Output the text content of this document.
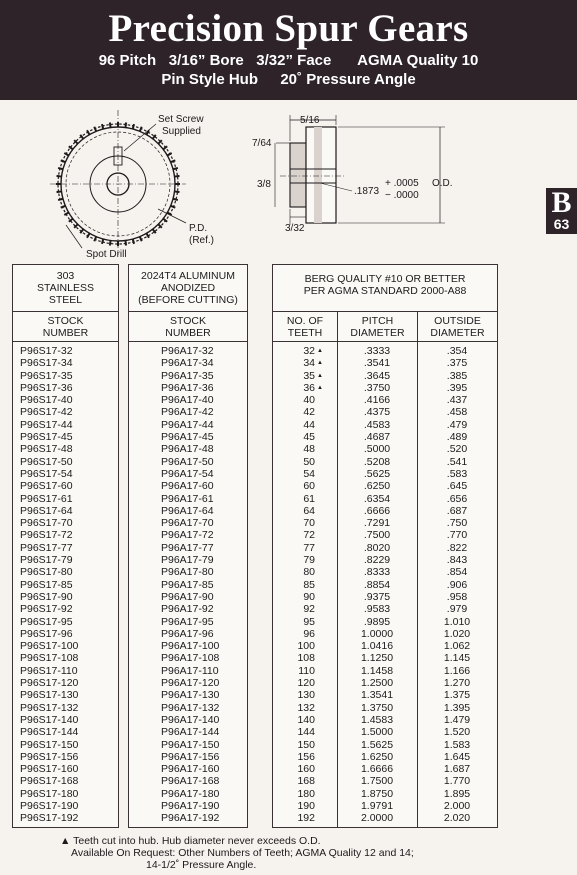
Precision Spur Gears
96 Pitch 3/16” Bore 3/32” Face AGMA Quality 10
Pin Style Hub 20˚ Pressure Angle
B
63
Set Screw
Supplied
P.D.
(Ref.)
Spot Drill
5/16
7/64
3/8
3/32
.1873
+ .0005
− .0000
O.D.
303
STAINLESS
STEEL
STOCK
NUMBER
P96S17-32
P96S17-34
P96S17-35
P96S17-36
P96S17-40
P96S17-42
P96S17-44
P96S17-45
P96S17-48
P96S17-50
P96S17-54
P96S17-60
P96S17-61
P96S17-64
P96S17-70
P96S17-72
P96S17-77
P96S17-79
P96S17-80
P96S17-85
P96S17-90
P96S17-92
P96S17-95
P96S17-96
P96S17-100
P96S17-108
P96S17-110
P96S17-120
P96S17-130
P96S17-132
P96S17-140
P96S17-144
P96S17-150
P96S17-156
P96S17-160
P96S17-168
P96S17-180
P96S17-190
P96S17-192
2024T4 ALUMINUM
ANODIZED
(BEFORE CUTTING)
STOCK
NUMBER
P96A17-32
P96A17-34
P96A17-35
P96A17-36
P96A17-40
P96A17-42
P96A17-44
P96A17-45
P96A17-48
P96A17-50
P96A17-54
P96A17-60
P96A17-61
P96A17-64
P96A17-70
P96A17-72
P96A17-77
P96A17-79
P96A17-80
P96A17-85
P96A17-90
P96A17-92
P96A17-95
P96A17-96
P96A17-100
P96A17-108
P96A17-110
P96A17-120
P96A17-130
P96A17-132
P96A17-140
P96A17-144
P96A17-150
P96A17-156
P96A17-160
P96A17-168
P96A17-180
P96A17-190
P96A17-192
BERG QUALITY #10 OR BETTER
PER AGMA STANDARD 2000-A88
NO. OF
TEETH
PITCH
DIAMETER
OUTSIDE
DIAMETER
32 ▲	.3333	.354
34 ▲	.3541	.375
35 ▲	.3645	.385
36 ▲	.3750	.395
40	.4166	.437
42	.4375	.458
44	.4583	.479
45	.4687	.489
48	.5000	.520
50	.5208	.541
54	.5625	.583
60	.6250	.645
61	.6354	.656
64	.6666	.687
70	.7291	.750
72	.7500	.770
77	.8020	.822
79	.8229	.843
80	.8333	.854
85	.8854	.906
90	.9375	.958
92	.9583	.979
95	.9895	1.010
96	1.0000	1.020
100	1.0416	1.062
108	1.1250	1.145
110	1.1458	1.166
120	1.2500	1.270
130	1.3541	1.375
132	1.3750	1.395
140	1.4583	1.479
144	1.5000	1.520
150	1.5625	1.583
156	1.6250	1.645
160	1.6666	1.687
168	1.7500	1.770
180	1.8750	1.895
190	1.9791	2.000
192	2.0000	2.020
▲ Teeth cut into hub. Hub diameter never exceeds O.D.
Available On Request: Other Numbers of Teeth; AGMA Quality 12 and 14;
14-1/2˚ Pressure Angle.
